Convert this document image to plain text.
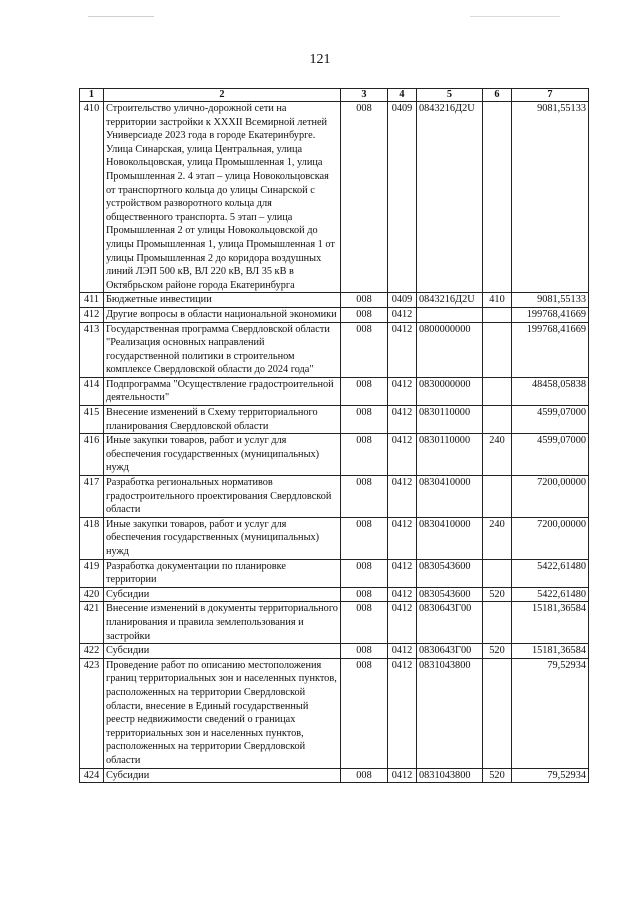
121
1	2	3	4	5	6	7
410	Строительство улично-дорожной сети на территории застройки к XXXII Всемирной летней Универсиаде 2023 года в городе Екатеринбурге. Улица Синарская, улица Центральная, улица Новокольцовская, улица Промышленная 1, улица Промышленная 2. 4 этап – улица Новокольцовская от транспортного кольца до улицы Синарской с устройством разворотного кольца для общественного транспорта. 5 этап – улица Промышленная 2 от улицы Новокольцовской до улицы Промышленная 1, улица Промышленная 1 от улицы Промышленная 2 до коридора воздушных линий ЛЭП 500 кВ, ВЛ 220 кВ, ВЛ 35 кВ в Октябрьском районе города Екатеринбурга	008	0409	0843216Д2U		9081,55133
411	Бюджетные инвестиции	008	0409	0843216Д2U	410	9081,55133
412	Другие вопросы в области национальной экономики	008	0412			199768,41669
413	Государственная программа Свердловской области "Реализация основных направлений государственной политики в строительном комплексе Свердловской области до 2024 года"	008	0412	0800000000		199768,41669
414	Подпрограмма "Осуществление градостроительной деятельности"	008	0412	0830000000		48458,05838
415	Внесение изменений в Схему территориального планирования Свердловской области	008	0412	0830110000		4599,07000
416	Иные закупки товаров, работ и услуг для обеспечения государственных (муниципальных) нужд	008	0412	0830110000	240	4599,07000
417	Разработка региональных нормативов градостроительного проектирования Свердловской области	008	0412	0830410000		7200,00000
418	Иные закупки товаров, работ и услуг для обеспечения государственных (муниципальных) нужд	008	0412	0830410000	240	7200,00000
419	Разработка документации по планировке территории	008	0412	0830543600		5422,61480
420	Субсидии	008	0412	0830543600	520	5422,61480
421	Внесение изменений в документы территориального планирования и правила землепользования и застройки	008	0412	0830643Г00		15181,36584
422	Субсидии	008	0412	0830643Г00	520	15181,36584
423	Проведение работ по описанию местоположения границ территориальных зон и населенных пунктов, расположенных на территории Свердловской области, внесение в Единый государственный реестр недвижимости сведений о границах территориальных зон и населенных пунктов, расположенных на территории Свердловской области	008	0412	0831043800		79,52934
424	Субсидии	008	0412	0831043800	520	79,52934
